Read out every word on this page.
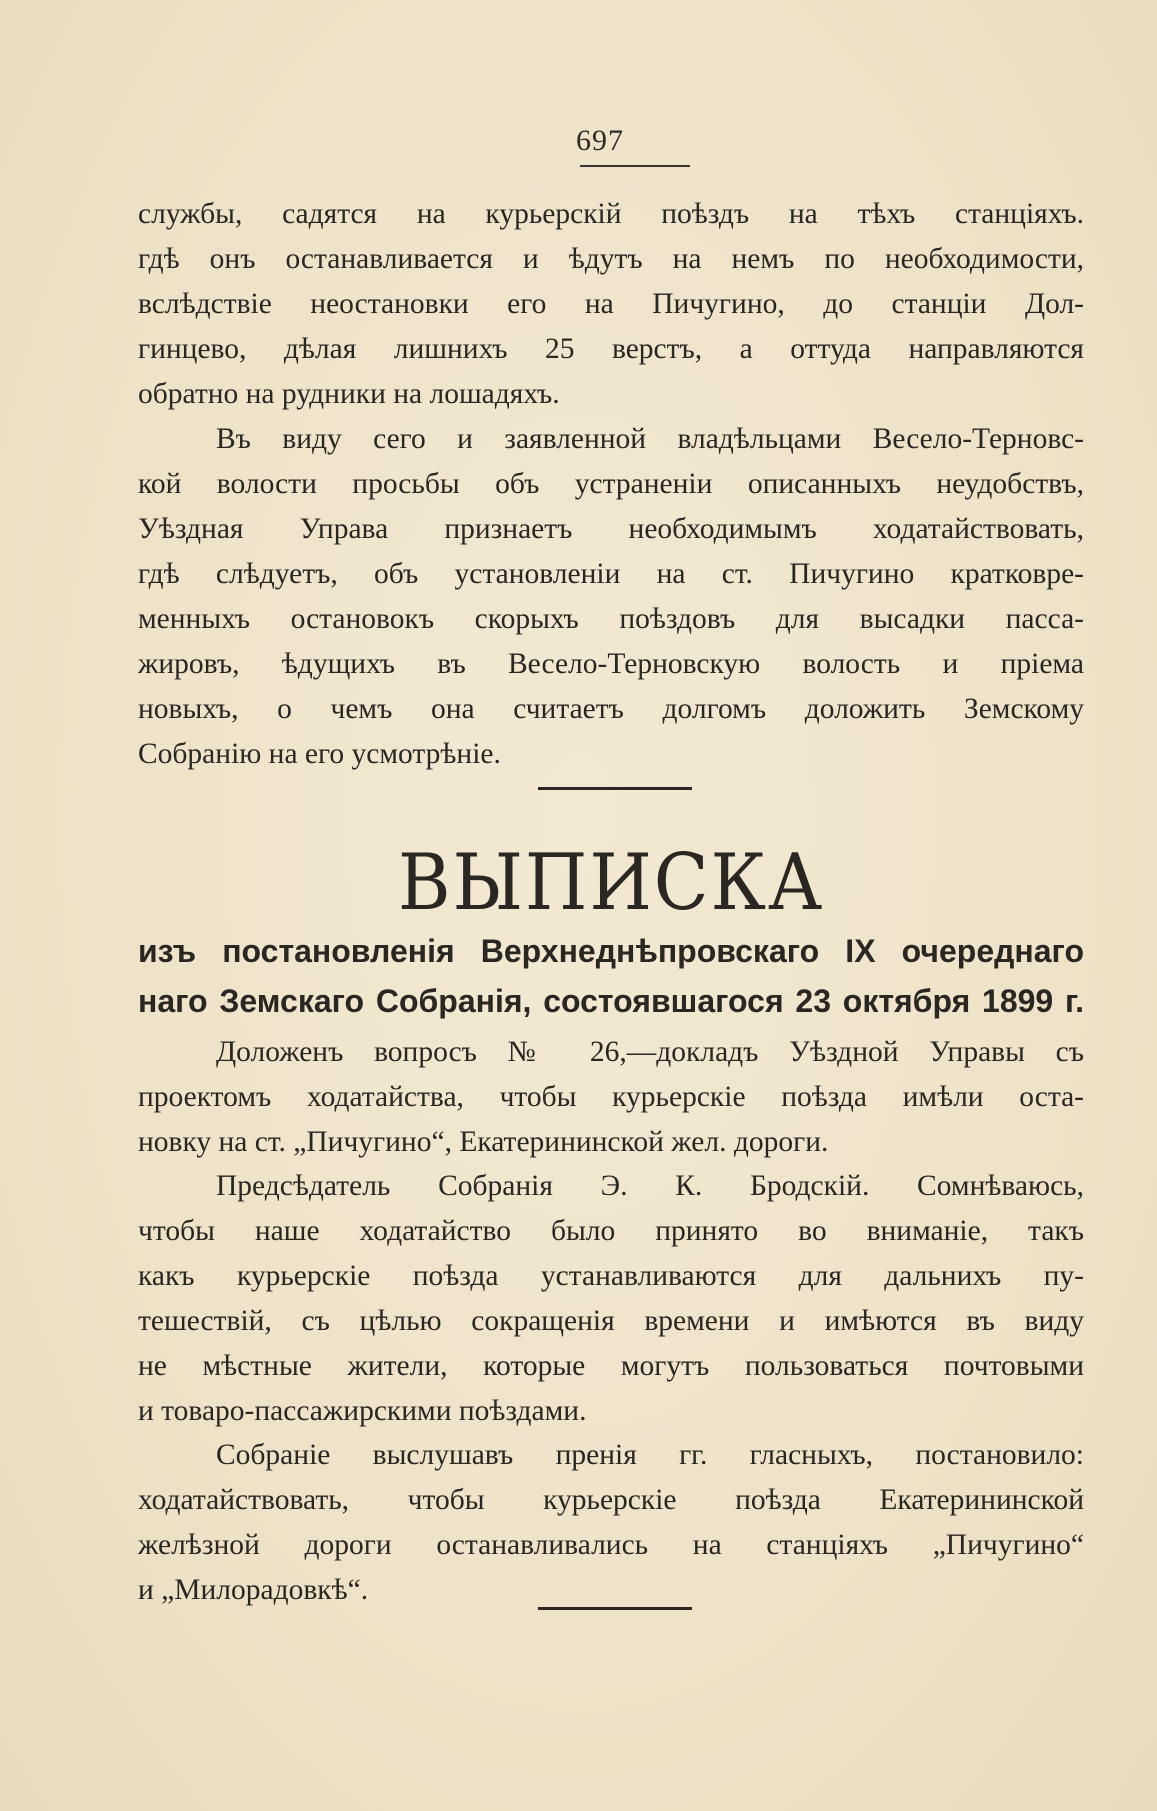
697
службы, садятся на курьерскій поѣздъ на тѣхъ станціяхъ.
гдѣ онъ останавливается и ѣдутъ на немъ по необходимости,
вслѣдствіе неостановки его на Пичугино, до станціи Дол-
гинцево, дѣлая лишнихъ 25 верстъ, а оттуда направляются
обратно на рудники на лошадяхъ.
Въ виду сего и заявленной владѣльцами Весело-Терновс-
кой волости просьбы объ устраненіи описанныхъ неудобствъ,
Уѣздная Управа признаетъ необходимымъ ходатайствовать,
гдѣ слѣдуетъ, объ установленіи на ст. Пичугино кратковре-
менныхъ остановокъ скорыхъ поѣздовъ для высадки пасса-
жировъ, ѣдущихъ въ Весело-Терновскую волость и пріема
новыхъ, о чемъ она считаетъ долгомъ доложить Земскому
Собранію на его усмотрѣніе.
ВЫПИСКА
изъ постановленія Верхнеднѣпровскаго IX очереднаго
наго Земскаго Собранія, состоявшагося 23 октября 1899 г.
Доложенъ вопросъ № 26,—докладъ Уѣздной Управы съ
проектомъ ходатайства, чтобы курьерскіе поѣзда имѣли оста-
новку на ст. „Пичугино“, Екатерининской жел. дороги.
Предсѣдатель Собранія Э. К. Бродскій. Сомнѣваюсь,
чтобы наше ходатайство было принято во вниманіе, такъ
какъ курьерскіе поѣзда устанавливаются для дальнихъ пу-
тешествій, съ цѣлью сокращенія времени и имѣются въ виду
не мѣстные жители, которые могутъ пользоваться почтовыми
и товаро-пассажирскими поѣздами.
Собраніе выслушавъ пренія гг. гласныхъ, постановило:
ходатайствовать, чтобы курьерскіе поѣзда Екатерининской
желѣзной дороги останавливались на станціяхъ „Пичугино“
и „Милорадовкѣ“.
